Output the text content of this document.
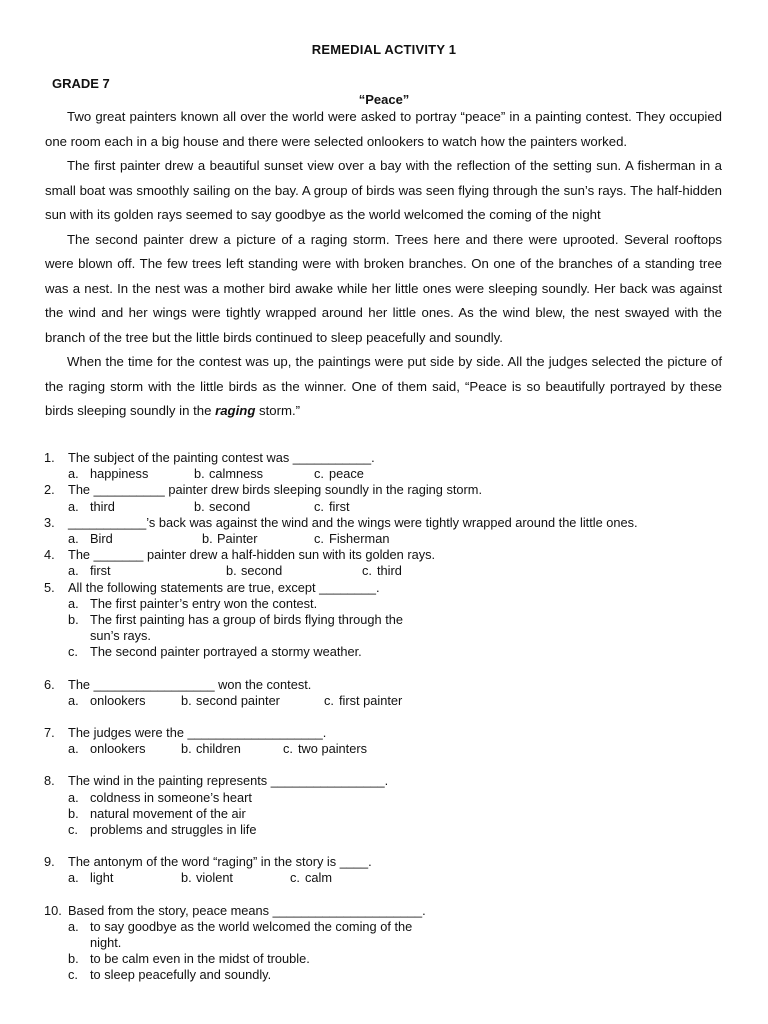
REMEDIAL ACTIVITY 1
GRADE 7
“Peace”

Two great painters known all over the world were asked to portray “peace” in a painting contest. They occupied one room each in a big house and there were selected onlookers to watch how the painters worked.

The first painter drew a beautiful sunset view over a bay with the reflection of the setting sun. A fisherman in a small boat was smoothly sailing on the bay. A group of birds was seen flying through the sun’s rays. The half-hidden sun with its golden rays seemed to say goodbye as the world welcomed the coming of the night

The second painter drew a picture of a raging storm. Trees here and there were uprooted. Several rooftops were blown off. The few trees left standing were with broken branches. On one of the branches of a standing tree was a nest. In the nest was a mother bird awake while her little ones were sleeping soundly. Her back was against the wind and her wings were tightly wrapped around her little ones. As the wind blew, the nest swayed with the branch of the tree but the little birds continued to sleep peacefully and soundly.

When the time for the contest was up, the paintings were put side by side. All the judges selected the picture of the raging storm with the little birds as the winner. One of them said, “Peace is so beautifully portrayed by these birds sleeping soundly in the raging storm.”

1.	The subject of the painting contest was ___________.
a. happiness	b. calmness	c. peace
2.	The __________ painter drew birds sleeping soundly in the raging storm.
a. third	b. second	c. first
3.	___________’s back was against the wind and the wings were tightly wrapped around the little ones.
a. Bird	b. Painter	c. Fisherman
4.	The _______ painter drew a half-hidden sun with its golden rays.
a. first	b. second	c. third
5.	All the following statements are true, except ________.
a. The first painter’s entry won the contest.
b. The first painting has a group of birds flying through the sun’s rays.
c. The second painter portrayed a stormy weather.
6.	The _________________ won the contest.
a. onlookers	b. second painter	c. first painter
7.	The judges were the ___________________.
a. onlookers	b. children	c. two painters
8.	The wind in the painting represents ________________.
a. coldness in someone’s heart
b. natural movement of the air
c. problems and struggles in life
9.	The antonym of the word “raging” in the story is ____.
a. light	b. violent	c. calm
10. Based from the story, peace means _____________________.
a. to say goodbye as the world welcomed the coming of the night.
b. to be calm even in the midst of trouble.
c. to sleep peacefully and soundly.
